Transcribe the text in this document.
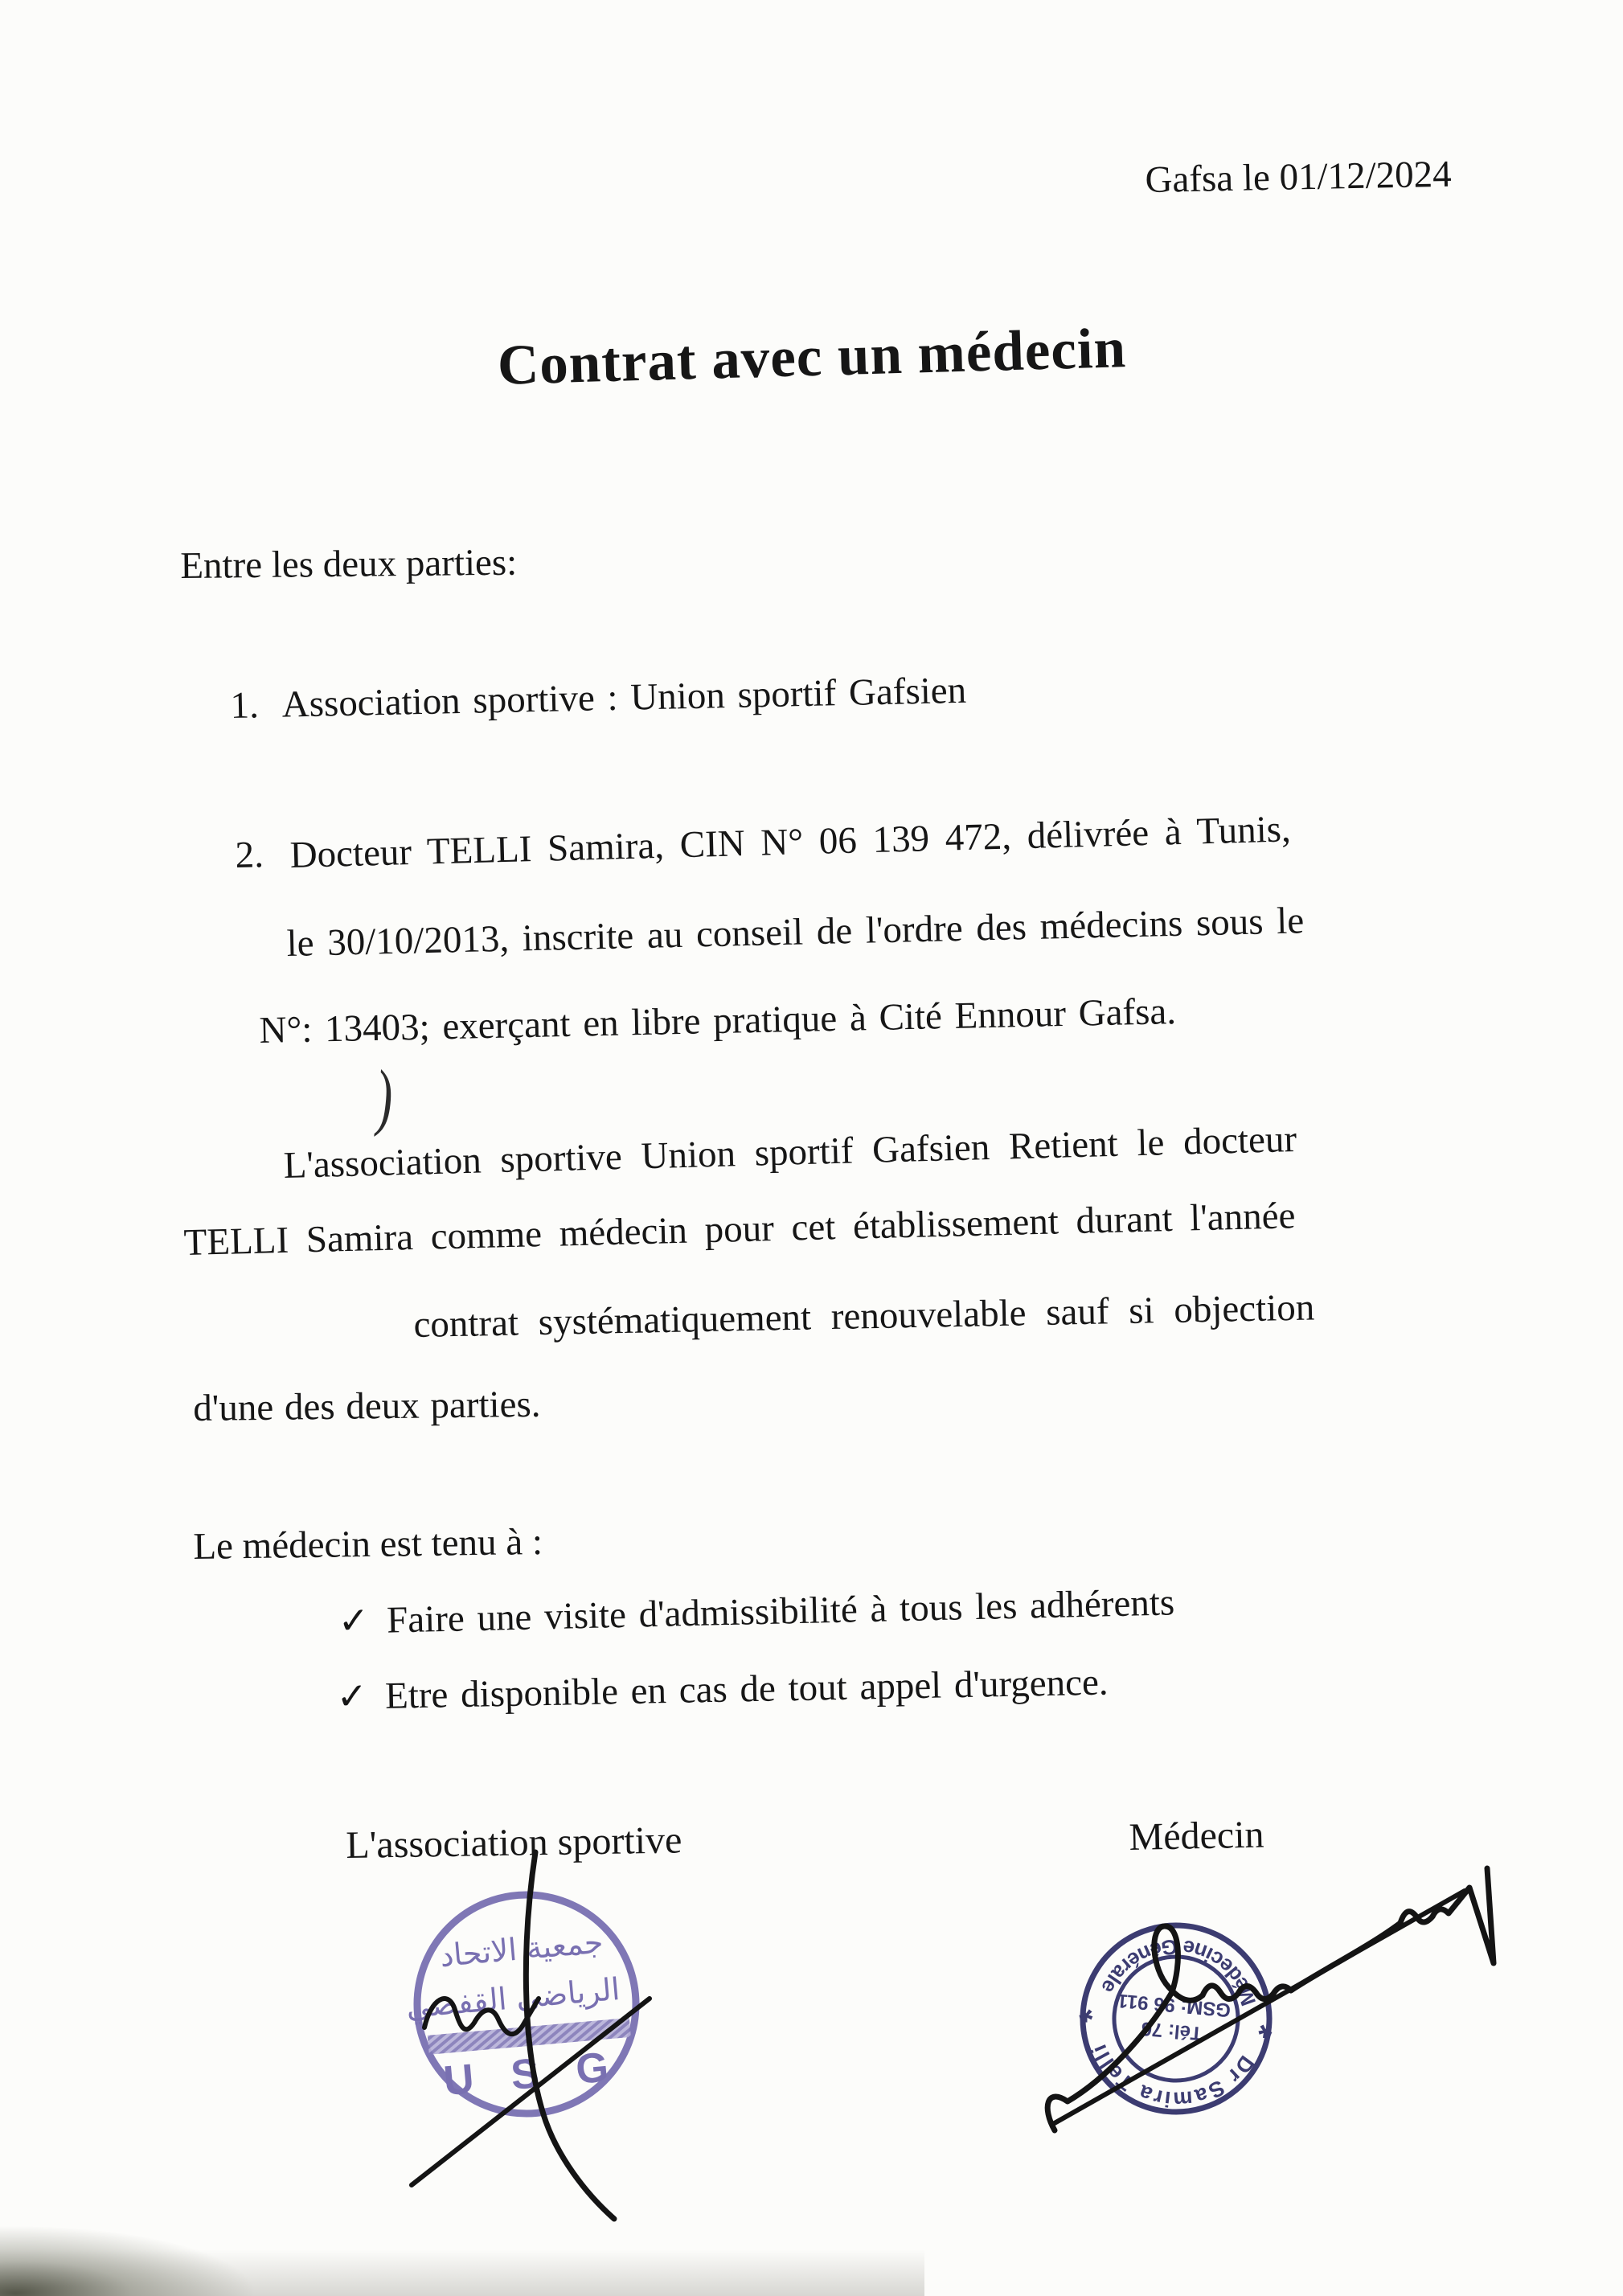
Gafsa le 01/12/2024
Contrat avec un médecin
Entre les deux parties:
1. Association sportive : Union sportif Gafsien
2. Docteur TELLI Samira, CIN N° 06 139 472, délivrée à Tunis,
le 30/10/2013, inscrite au conseil de l'ordre des médecins sous le
N°: 13403; exerçant en libre pratique à Cité Ennour Gafsa.
)
L'association sportive Union sportif Gafsien Retient le docteur
TELLI Samira comme médecin pour cet établissement durant l'année
contrat systématiquement renouvelable sauf si objection
d'une des deux parties.
Le médecin est tenu à :
✓ Faire une visite d'admissibilité à tous les adhérents
✓ Etre disponible en cas de tout appel d'urgence.
L'association sportive	Médecin
جمعية الاتحاد
الرياضي القفصي
U S G	Dr Samira Telli
Médecine Générale
*
*
Tél: 76
GSM: 96 911
